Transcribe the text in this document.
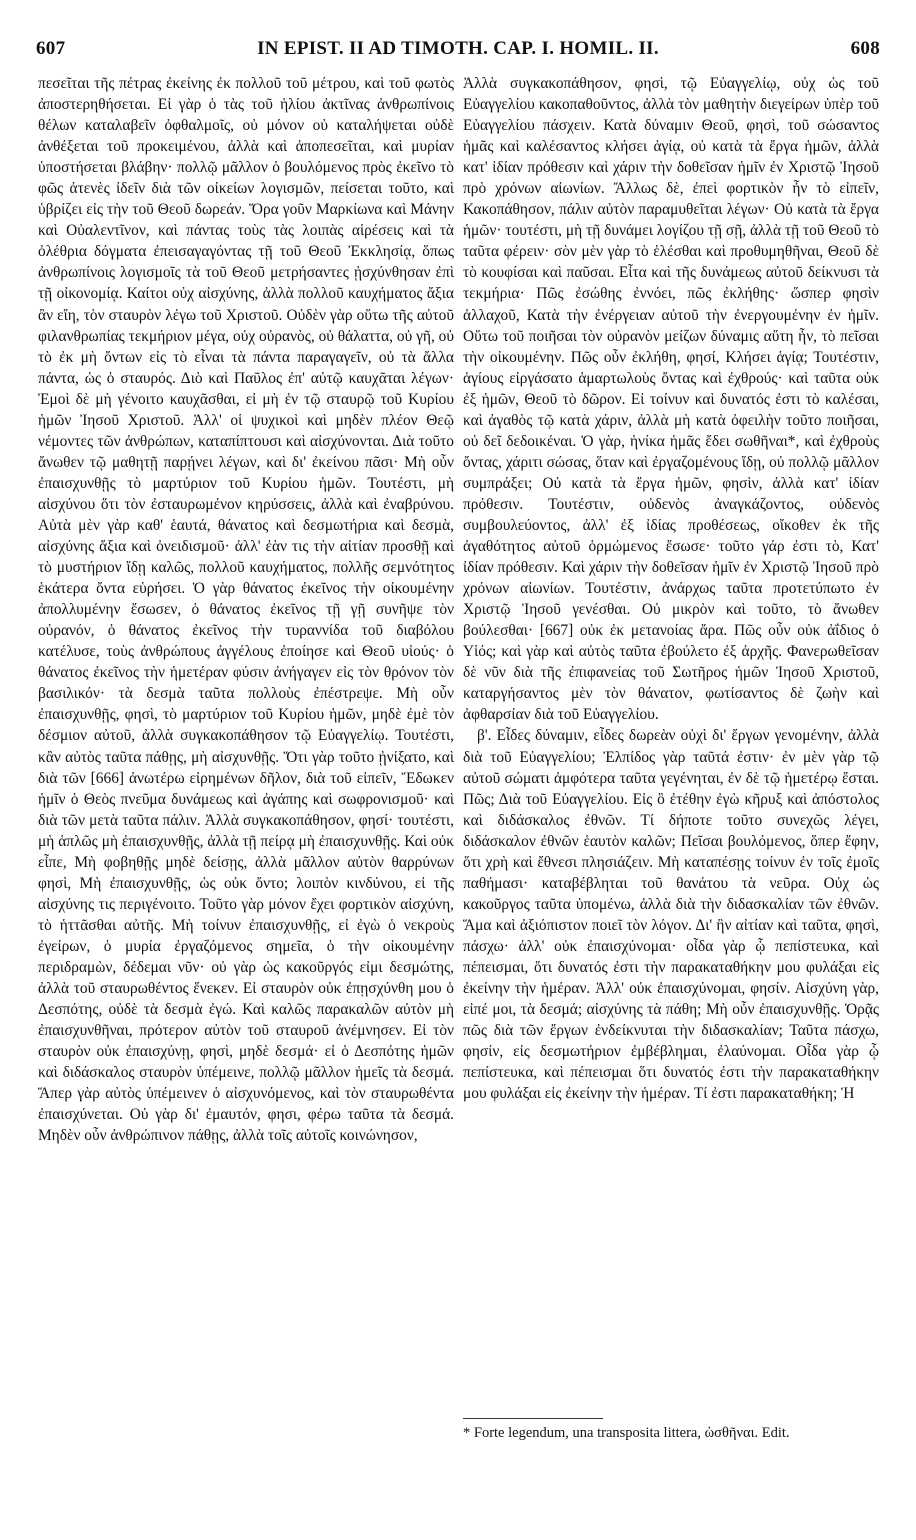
607	IN EPIST. II AD TIMOTH. CAP. I. HOMIL. II.	608

πεσεῖται τῆς πέτρας ἐκείνης ἐκ πολλοῦ τοῦ μέτρου, καὶ τοῦ φωτὸς ἀποστερηθήσεται. Εἰ γὰρ ὁ τὰς τοῦ ἡλίου ἀκτῖνας ἀνθρωπίνοις θέλων καταλαβεῖν ὀφθαλμοῖς, οὐ μόνον οὐ καταλήψεται οὐδὲ ἀνθέξεται τοῦ προκειμένου, ἀλλὰ καὶ ἀποπεσεῖται, καὶ μυρίαν ὑποστήσεται βλάβην· πολλῷ μᾶλλον ὁ βουλόμενος πρὸς ἐκεῖνο τὸ φῶς ἀτενὲς ἰδεῖν διὰ τῶν οἰκείων λογισμῶν, πείσεται τοῦτο, καὶ ὑβρίζει εἰς τὴν τοῦ Θεοῦ δωρεάν. Ὅρα γοῦν Μαρκίωνα καὶ Μάνην καὶ Οὐαλεντῖνον, καὶ πάντας τοὺς τὰς λοιπὰς αἱρέσεις καὶ τὰ ὀλέθρια δόγματα ἐπεισαγαγόντας τῇ τοῦ Θεοῦ Ἐκκλησίᾳ, ὅπως ἀνθρωπίνοις λογισμοῖς τὰ τοῦ Θεοῦ μετρήσαντες ᾐσχύνθησαν ἐπὶ τῇ οἰκονομίᾳ. Καίτοι οὐχ αἰσχύνης, ἀλλὰ πολλοῦ καυχήματος ἄξια ἂν εἴη, τὸν σταυρὸν λέγω τοῦ Χριστοῦ. Οὐδὲν γὰρ οὕτω τῆς αὐτοῦ φιλανθρωπίας τεκμήριον μέγα, οὐχ οὐρανὸς, οὐ θάλαττα, οὐ γῆ, οὐ τὸ ἐκ μὴ ὄντων εἰς τὸ εἶναι τὰ πάντα παραγαγεῖν, οὐ τὰ ἄλλα πάντα, ὡς ὁ σταυρός. Διὸ καὶ Παῦλος ἐπ' αὐτῷ καυχᾶται λέγων· Ἐμοὶ δὲ μὴ γένοιτο καυχᾶσθαι, εἰ μὴ ἐν τῷ σταυρῷ τοῦ Κυρίου ἡμῶν Ἰησοῦ Χριστοῦ. Ἀλλ' οἱ ψυχικοὶ καὶ μηδὲν πλέον Θεῷ νέμοντες τῶν ἀνθρώπων, καταπίπτουσι καὶ αἰσχύνονται. Διὰ τοῦτο ἄνωθεν τῷ μαθητῇ παρῄνει λέγων, καὶ δι' ἐκείνου πᾶσι· Μὴ οὖν ἐπαισχυνθῇς τὸ μαρτύριον τοῦ Κυρίου ἡμῶν. Τουτέστι, μὴ αἰσχύνου ὅτι τὸν ἐσταυρωμένον κηρύσσεις, ἀλλὰ καὶ ἐναβρύνου. Αὐτὰ μὲν γὰρ καθ' ἑαυτά, θάνατος καὶ δεσμωτήρια καὶ δεσμὰ, αἰσχύνης ἄξια καὶ ὀνειδισμοῦ· ἀλλ' ἐὰν τις τὴν αἰτίαν προσθῇ καὶ τὸ μυστήριον ἴδῃ καλῶς, πολλοῦ καυχήματος, πολλῆς σεμνότητος ἑκάτερα ὄντα εὑρήσει. Ὁ γὰρ θάνατος ἐκεῖνος τὴν οἰκουμένην ἀπολλυμένην ἔσωσεν, ὁ θάνατος ἐκεῖνος τῇ γῇ συνῆψε τὸν οὐρανόν, ὁ θάνατος ἐκεῖνος τὴν τυραννίδα τοῦ διαβόλου κατέλυσε, τοὺς ἀνθρώπους ἀγγέλους ἐποίησε καὶ Θεοῦ υἱούς· ὁ θάνατος ἐκεῖνος τὴν ἡμετέραν φύσιν ἀνήγαγεν εἰς τὸν θρόνον τὸν βασιλικόν· τὰ δεσμὰ ταῦτα πολλοὺς ἐπέστρεψε. Μὴ οὖν ἐπαισχυνθῇς, φησὶ, τὸ μαρτύριον τοῦ Κυρίου ἡμῶν, μηδὲ ἐμὲ τὸν δέσμιον αὐτοῦ, ἀλλὰ συγκακοπάθησον τῷ Εὐαγγελίῳ. Τουτέστι, κἂν αὐτὸς ταῦτα πάθῃς, μὴ αἰσχυνθῇς. Ὅτι γὰρ τοῦτο ᾐνίξατο, καὶ διὰ τῶν [666] ἀνωτέρω εἰρημένων δῆλον, διὰ τοῦ εἰπεῖν, Ἔδωκεν ἡμῖν ὁ Θεὸς πνεῦμα δυνάμεως καὶ ἀγάπης καὶ σωφρονισμοῦ· καὶ διὰ τῶν μετὰ ταῦτα πάλιν. Ἀλλὰ συγκακοπάθησον, φησί· τουτέστι, μὴ ἁπλῶς μὴ ἐπαισχυνθῇς, ἀλλὰ τῇ πείρᾳ μὴ ἐπαισχυνθῇς. Καὶ οὐκ εἶπε, Μὴ φοβηθῇς μηδὲ δείσῃς, ἀλλὰ μᾶλλον αὐτὸν θαρρύνων φησὶ, Μὴ ἐπαισχυνθῇς, ὡς οὐκ ὄντο; λοιπὸν κινδύνου, εἰ τῆς αἰσχύνης τις περιγένοιτο. Τοῦτο γὰρ μόνον ἔχει φορτικὸν αἰσχύνη, τὸ ἡττᾶσθαι αὐτῆς. Μὴ τοίνυν ἐπαισχυνθῇς, εἰ ἐγὼ ὁ νεκροὺς ἐγείρων, ὁ μυρία ἐργαζόμενος σημεῖα, ὁ τὴν οἰκουμένην περιδραμὼν, δέδεμαι νῦν· οὐ γὰρ ὡς κακοῦργός εἰμι δεσμώτης, ἀλλὰ τοῦ σταυρωθέντος ἕνεκεν. Εἰ σταυρὸν οὐκ ἐπῃσχύνθη μου ὁ Δεσπότης, οὐδὲ τὰ δεσμὰ ἐγώ. Καὶ καλῶς παρακαλῶν αὐτὸν μὴ ἐπαισχυνθῆναι, πρότερον αὐτὸν τοῦ σταυροῦ ἀνέμνησεν. Εἰ τὸν σταυρὸν οὐκ ἐπαισχύνῃ, φησὶ, μηδὲ δεσμά· εἰ ὁ Δεσπότης ἡμῶν καὶ διδάσκαλος σταυρὸν ὑπέμεινε, πολλῷ μᾶλλον ἡμεῖς τὰ δεσμά. Ἅπερ γὰρ αὐτὸς ὑπέμεινεν ὁ αἰσχυνόμενος, καὶ τὸν σταυρωθέντα ἐπαισχύνεται. Οὐ γὰρ δι' ἐμαυτόν, φησι, φέρω ταῦτα τὰ δεσμά. Μηδὲν οὖν ἀνθρώπινον πάθῃς, ἀλλὰ τοῖς αὐτοῖς κοινώνησον,

Ἀλλὰ συγκακοπάθησον, φησὶ, τῷ Εὐαγγελίῳ, οὐχ ὡς τοῦ Εὐαγγελίου κακοπαθοῦντος, ἀλλὰ τὸν μαθητὴν διεγείρων ὑπὲρ τοῦ Εὐαγγελίου πάσχειν. Κατὰ δύναμιν Θεοῦ, φησὶ, τοῦ σώσαντος ἡμᾶς καὶ καλέσαντος κλήσει ἁγίᾳ, οὐ κατὰ τὰ ἔργα ἡμῶν, ἀλλὰ κατ' ἰδίαν πρόθεσιν καὶ χάριν τὴν δοθεῖσαν ἡμῖν ἐν Χριστῷ Ἰησοῦ πρὸ χρόνων αἰωνίων. Ἄλλως δὲ, ἐπεὶ φορτικὸν ἦν τὸ εἰπεῖν, Κακοπάθησον, πάλιν αὐτὸν παραμυθεῖται λέγων· Οὐ κατὰ τὰ ἔργα ἡμῶν· τουτέστι, μὴ τῇ δυνάμει λογίζου τῇ σῇ, ἀλλὰ τῇ τοῦ Θεοῦ τὸ ταῦτα φέρειν· σὸν μὲν γὰρ τὸ ἑλέσθαι καὶ προθυμηθῆναι, Θεοῦ δὲ τὸ κουφίσαι καὶ παῦσαι. Εἶτα καὶ τῆς δυνάμεως αὐτοῦ δείκνυσι τὰ τεκμήρια· Πῶς ἐσώθης ἐννόει, πῶς ἐκλήθης· ὥσπερ φησὶν ἀλλαχοῦ, Κατὰ τὴν ἐνέργειαν αὐτοῦ τὴν ἐνεργουμένην ἐν ἡμῖν. Οὕτω τοῦ ποιῆσαι τὸν οὐρανὸν μείζων δύναμις αὕτη ἦν, τὸ πεῖσαι τὴν οἰκουμένην. Πῶς οὖν ἐκλήθη, φησί, Κλήσει ἁγίᾳ; Τουτέστιν, ἁγίους εἰργάσατο ἁμαρτωλοὺς ὄντας καὶ ἐχθρούς· καὶ ταῦτα οὐκ ἐξ ἡμῶν, Θεοῦ τὸ δῶρον. Εἰ τοίνυν καὶ δυνατός ἐστι τὸ καλέσαι, καὶ ἀγαθὸς τῷ κατὰ χάριν, ἀλλὰ μὴ κατὰ ὀφειλὴν τοῦτο ποιῆσαι, οὐ δεῖ δεδοικέναι. Ὁ γὰρ, ἡνίκα ἡμᾶς ἔδει σωθῆναι*, καὶ ἐχθροὺς ὄντας, χάριτι σώσας, ὅταν καὶ ἐργαζομένους ἴδῃ, οὐ πολλῷ μᾶλλον συμπράξει; Οὐ κατὰ τὰ ἔργα ἡμῶν, φησὶν, ἀλλὰ κατ' ἰδίαν πρόθεσιν. Τουτέστιν, οὐδενὸς ἀναγκάζοντος, οὐδενὸς συμβουλεύοντος, ἀλλ' ἐξ ἰδίας προθέσεως, οἴκοθεν ἐκ τῆς ἀγαθότητος αὐτοῦ ὁρμώμενος ἔσωσε· τοῦτο γάρ ἐστι τὸ, Κατ' ἰδίαν πρόθεσιν. Καὶ χάριν τὴν δοθεῖσαν ἡμῖν ἐν Χριστῷ Ἰησοῦ πρὸ χρόνων αἰωνίων. Τουτέστιν, ἀνάρχως ταῦτα προτετύπωτο ἐν Χριστῷ Ἰησοῦ γενέσθαι. Οὐ μικρὸν καὶ τοῦτο, τὸ ἄνωθεν βούλεσθαι· [667] οὐκ ἐκ μετανοίας ἄρα. Πῶς οὖν οὐκ ἀΐδιος ὁ Υἱός; καὶ γὰρ καὶ αὐτὸς ταῦτα ἐβούλετο ἐξ ἀρχῆς. Φανερωθεῖσαν δὲ νῦν διὰ τῆς ἐπιφανείας τοῦ Σωτῆρος ἡμῶν Ἰησοῦ Χριστοῦ, καταργήσαντος μὲν τὸν θάνατον, φωτίσαντος δὲ ζωὴν καὶ ἀφθαρσίαν διὰ τοῦ Εὐαγγελίου.

β'. Εἶδες δύναμιν, εἶδες δωρεὰν οὐχὶ δι' ἔργων γενομένην, ἀλλὰ διὰ τοῦ Εὐαγγελίου; Ἐλπίδος γὰρ ταῦτά ἐστιν· ἐν μὲν γὰρ τῷ αὐτοῦ σώματι ἀμφότερα ταῦτα γεγένηται, ἐν δὲ τῷ ἡμετέρῳ ἔσται. Πῶς; Διὰ τοῦ Εὐαγγελίου. Εἰς ὃ ἐτέθην ἐγὼ κῆρυξ καὶ ἀπόστολος καὶ διδάσκαλος ἐθνῶν. Τί δήποτε τοῦτο συνεχῶς λέγει, διδάσκαλον ἐθνῶν ἑαυτὸν καλῶν; Πεῖσαι βουλόμενος, ὅπερ ἔφην, ὅτι χρὴ καὶ ἔθνεσι πλησιάζειν. Μὴ καταπέσῃς τοίνυν ἐν τοῖς ἐμοῖς παθήμασι· καταβέβληται τοῦ θανάτου τὰ νεῦρα. Οὐχ ὡς κακοῦργος ταῦτα ὑπομένω, ἀλλὰ διὰ τὴν διδασκαλίαν τῶν ἐθνῶν. Ἅμα καὶ ἀξιόπιστον ποιεῖ τὸν λόγον. Δι' ἣν αἰτίαν καὶ ταῦτα, φησὶ, πάσχω· ἀλλ' οὐκ ἐπαισχύνομαι· οἶδα γὰρ ᾧ πεπίστευκα, καὶ πέπεισμαι, ὅτι δυνατός ἐστι τὴν παρακαταθήκην μου φυλάξαι εἰς ἐκείνην τὴν ἡμέραν. Ἀλλ' οὐκ ἐπαισχύνομαι, φησίν. Αἰσχύνη γὰρ, εἰπέ μοι, τὰ δεσμά; αἰσχύνης τὰ πάθη; Μὴ οὖν ἐπαισχυνθῇς. Ὁρᾷς πῶς διὰ τῶν ἔργων ἐνδείκνυται τὴν διδασκαλίαν; Ταῦτα πάσχω, φησίν, εἰς δεσμωτήριον ἐμβέβλημαι, ἐλαύνομαι. Οἶδα γὰρ ᾧ πεπίστευκα, καὶ πέπεισμαι ὅτι δυνατός ἐστι τὴν παρακαταθήκην μου φυλάξαι εἰς ἐκείνην τὴν ἡμέραν. Τί ἐστι παρακαταθήκη; Ἡ

* Forte legendum, una transposita littera, ὡσθῆναι. Edit.
